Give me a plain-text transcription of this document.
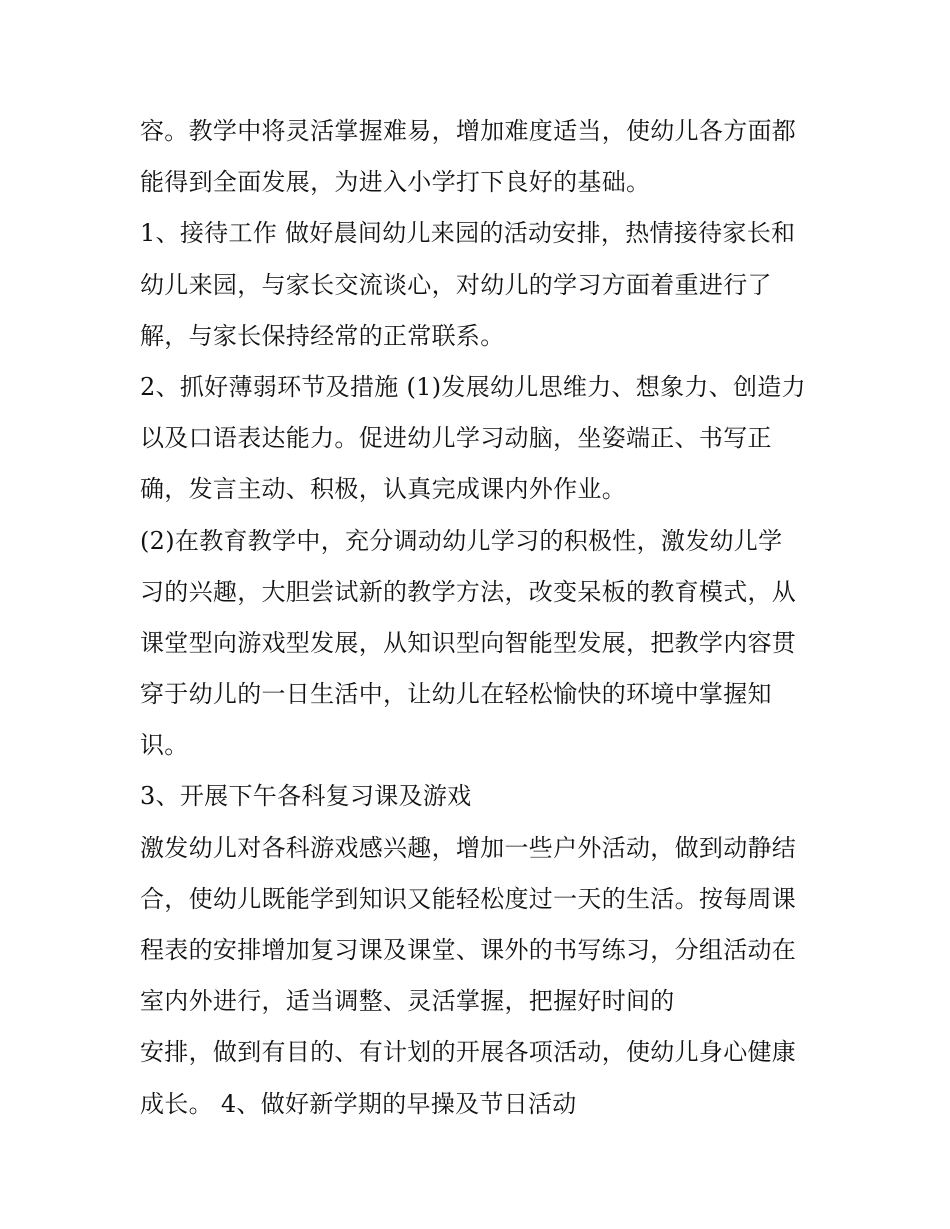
容。教学中将灵活掌握难易，增加难度适当，使幼儿各方面都
能得到全面发展，为进入小学打下良好的基础。
1、接待工作 做好晨间幼儿来园的活动安排，热情接待家长和
幼儿来园，与家长交流谈心，对幼儿的学习方面着重进行了
解，与家长保持经常的正常联系。
2、抓好薄弱环节及措施 (1)发展幼儿思维力、想象力、创造力
以及口语表达能力。促进幼儿学习动脑，坐姿端正、书写正
确，发言主动、积极，认真完成课内外作业。
(2)在教育教学中，充分调动幼儿学习的积极性，激发幼儿学
习的兴趣，大胆尝试新的教学方法，改变呆板的教育模式，从
课堂型向游戏型发展，从知识型向智能型发展，把教学内容贯
穿于幼儿的一日生活中，让幼儿在轻松愉快的环境中掌握知
识。
3、开展下午各科复习课及游戏
激发幼儿对各科游戏感兴趣，增加一些户外活动，做到动静结
合，使幼儿既能学到知识又能轻松度过一天的生活。按每周课
程表的安排增加复习课及课堂、课外的书写练习，分组活动在
室内外进行，适当调整、灵活掌握，把握好时间的
安排，做到有目的、有计划的开展各项活动，使幼儿身心健康
成长。 4、做好新学期的早操及节日活动
